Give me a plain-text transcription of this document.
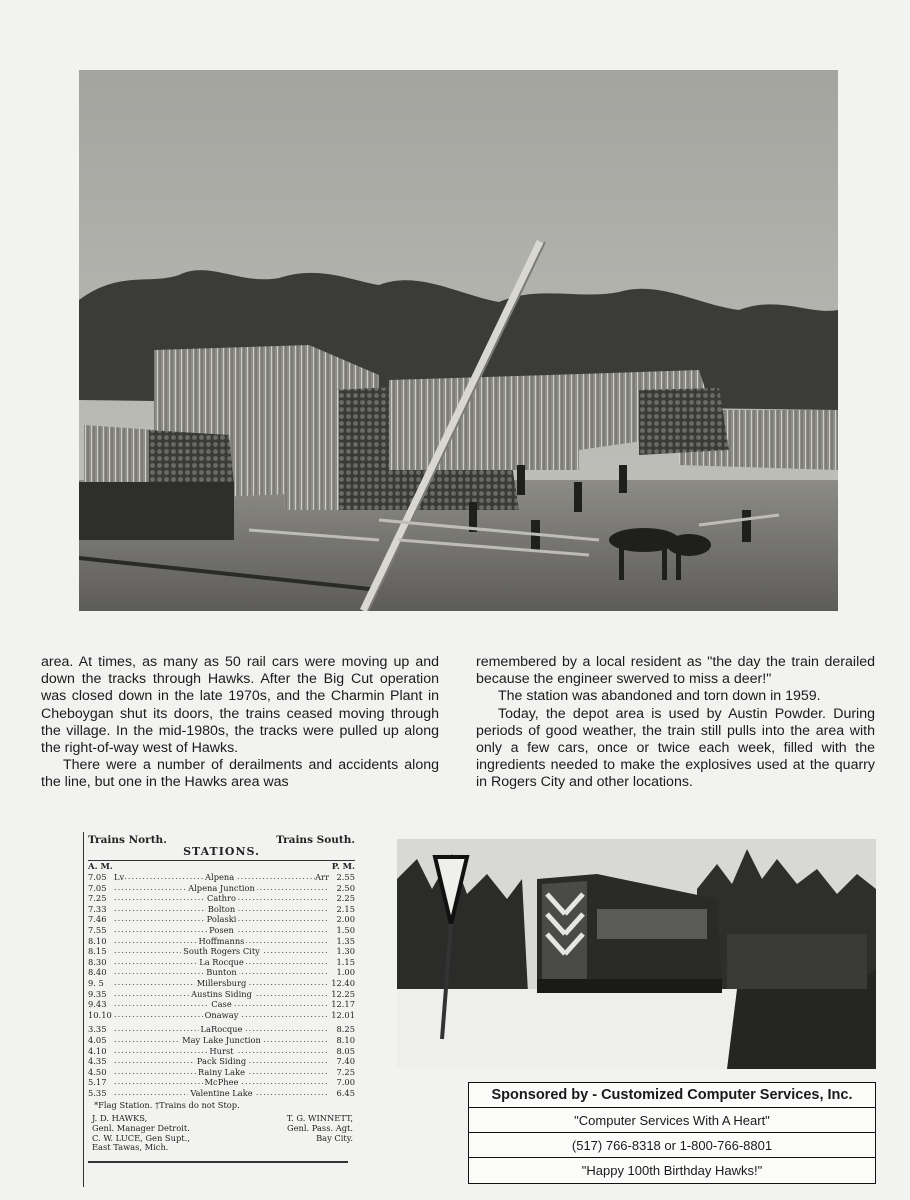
area. At times, as many as 50 rail cars were moving up and down the tracks through Hawks. After the Big Cut operation was closed down in the late 1970s, and the Charmin Plant in Cheboygan shut its doors, the trains ceased moving through the village. In the mid-1980s, the tracks were pulled up along the right-of-way west of Hawks.

There were a number of derailments and accidents along the line, but one in the Hawks area was

remembered by a local resident as "the day the train derailed because the engineer swerved to miss a deer!"

The station was abandoned and torn down in 1959.

Today, the depot area is used by Austin Powder. During periods of good weather, the train still pulls into the area with only a few cars, once or twice each week, filled with the ingredients needed to make the explosives used at the quarry in Rogers City and other locations.

Trains North.	Trains South.
STATIONS.
A. M.	P. M.
7.05 Lv	..... Alpena	Arr 2.55
7.05	..... Alpena Junction	2.50
7.25	..... Cathro	2.25
7.33	..... Bolton	2.15
7.46	..... Polaski	2.00
7.55	..... Posen	1.50
8.10	..... Hoffmanns	1.35
8.15	..... South Rogers City	1.30
8.30	..... La Rocque	1.15
8.40	..... Bunton	1.00
9. 5	..... Millersburg	12.40
9.35	..... Austins Siding	12.25
9.43	..... Case	12.17
10.10	..... Onaway	12.01
3.35	..... LaRocque	8.25
4.05	..... May Lake Junction	8.10
4.10	..... Hurst	8.05
4.35	..... Pack Siding	7.40
4.50	..... Rainy Lake	7.25
5.17	..... McPhee	7.00
5.35	..... Valentine Lake	6.45
*Flag Station. †Trains do not Stop.
J. D. HAWKS,
Genl. Manager Detroit.
C. W. LUCE, Gen Supt.,
East Tawas, Mich.
T. G. WINNETT,
Genl. Pass. Agt.
Bay City.
Sponsored by - Customized Computer Services, Inc.
"Computer Services With A Heart"
(517) 766-8318 or 1-800-766-8801
"Happy 100th Birthday Hawks!"
